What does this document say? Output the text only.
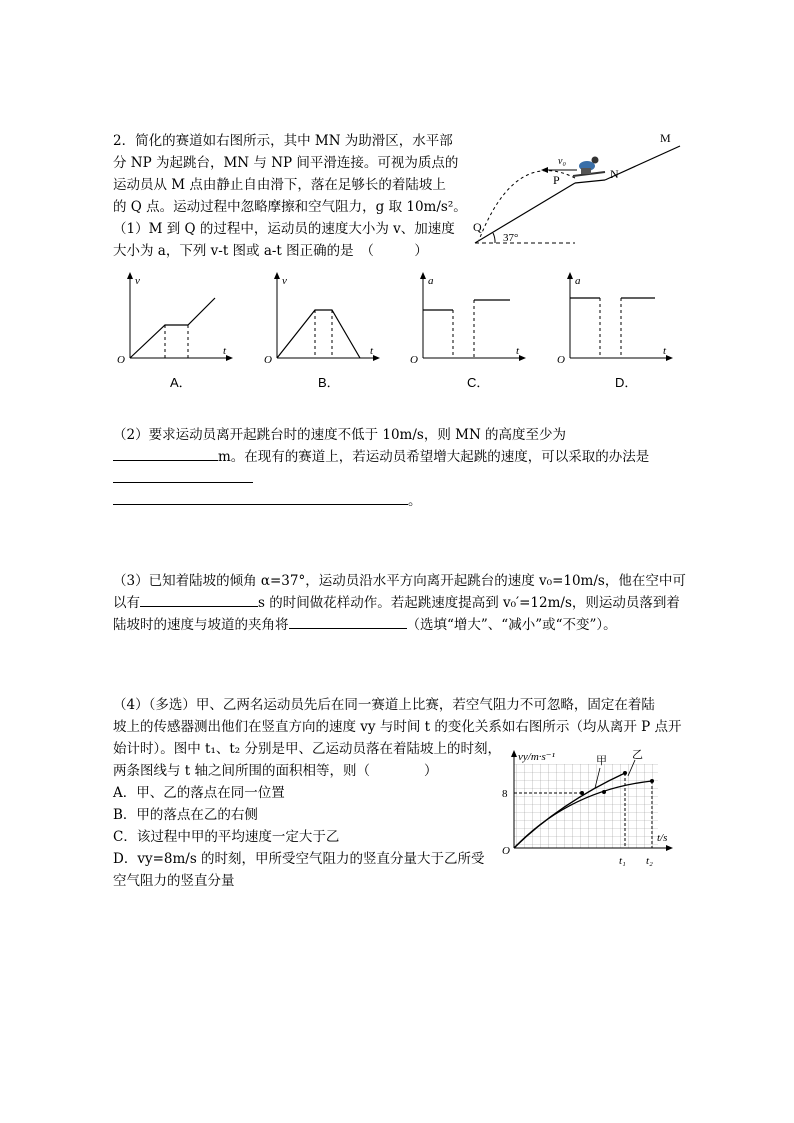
2．简化的赛道如右图所示，其中 MN 为助滑区，水平部
分 NP 为起跳台，MN 与 NP 间平滑连接。可视为质点的
运动员从 M 点由静止自由滑下，落在足够长的着陆坡上
的 Q 点。运动过程中忽略摩擦和空气阻力，g 取 10m/s²。
（1）M 到 Q 的过程中，运动员的速度大小为 v、加速度
大小为 a，下列 v-t 图或 a-t 图正确的是　（　　　）
M
N
P
Q
v₀
37°
v
t
O
A．
v
t
O
B．
a
t
O
C．
a
t
O
D．
（2）要求运动员离开起跳台时的速度不低于 10m/s，则 MN 的高度至少为
m。在现有的赛道上，若运动员希望增大起跳的速度，可以采取的办法是
。
（3）已知着陆坡的倾角 α=37°，运动员沿水平方向离开起跳台的速度 v₀=10m/s，他在空中可
以有	s 的时间做花样动作。若起跳速度提高到 v₀′=12m/s，则运动员落到着
陆坡时的速度与坡道的夹角将	（选填“增大”、“减小”或“不变”）。
（4）（多选）甲、乙两名运动员先后在同一赛道上比赛，若空气阻力不可忽略，固定在着陆
坡上的传感器测出他们在竖直方向的速度 vy 与时间 t 的变化关系如右图所示（均从离开 P 点开
始计时）。图中 t₁、t₂ 分别是甲、乙运动员落在着陆坡上的时刻，
两条图线与 t 轴之间所围的面积相等，则（　　　　）
A．甲、乙的落点在同一位置
B．甲的落点在乙的右侧
C．该过程中甲的平均速度一定大于乙
D．vy=8m/s 的时刻，甲所受空气阻力的竖直分量大于乙所受
空气阻力的竖直分量
vy/m·s⁻¹
t/s
O
8
t₁ t₂
甲 乙
